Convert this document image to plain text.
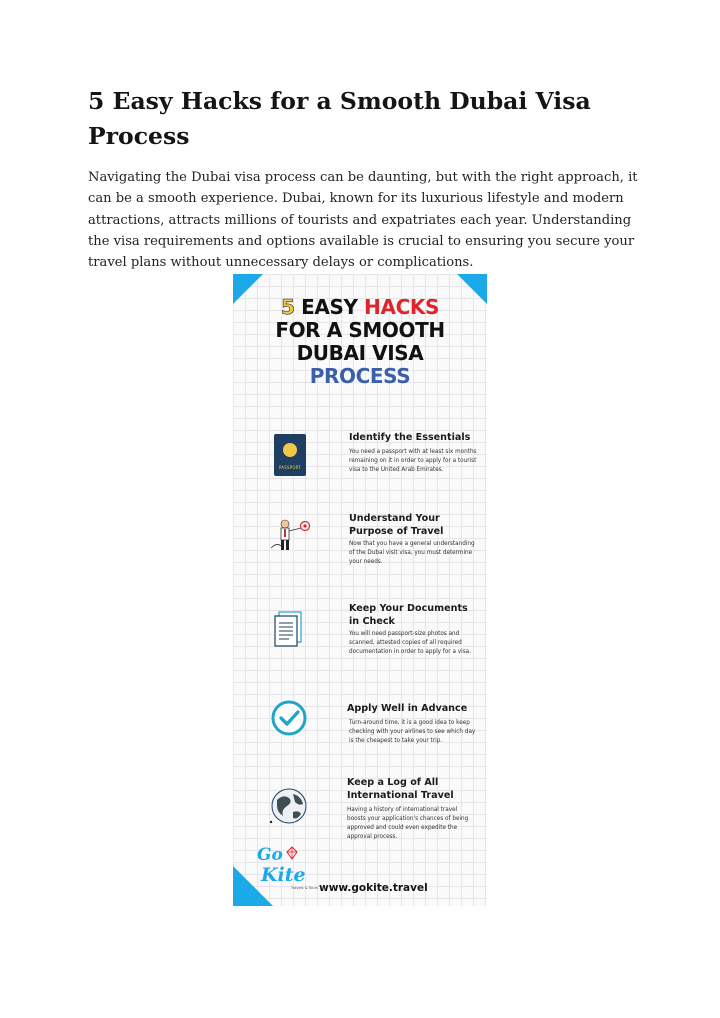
5 Easy Hacks for a Smooth Dubai Visa Process

Navigating the Dubai visa process can be daunting, but with the right approach, it can be a smooth experience. Dubai, known for its luxurious lifestyle and modern attractions, attracts millions of tourists and expatriates each year. Understanding the visa requirements and options available is crucial to ensuring you secure your travel plans without unnecessary delays or complications.

5 EASY HACKS
FOR A SMOOTH
DUBAI VISA
PROCESS
PASSPORT

Identify the Essentials

You need a passport with at least six months remaining on it in order to apply for a tourist visa to the United Arab Emirates.

Understand Your Purpose of Travel

Now that you have a general understanding of the Dubai visit visa, you must determine your needs.

Keep Your Documents in Check

You will need passport-size photos and scanned, attested copies of all required documentation in order to apply for a visa.

Apply Well in Advance

Turn-around time, it is a good idea to keep checking with your airlines to see which day is the cheapest to take your trip.

Keep a Log of All International Travel

Having a history of international travel boosts your application's chances of being approved and could even expedite the approval process.

Go
Kite
Travels & Tours www.gokite.travel
